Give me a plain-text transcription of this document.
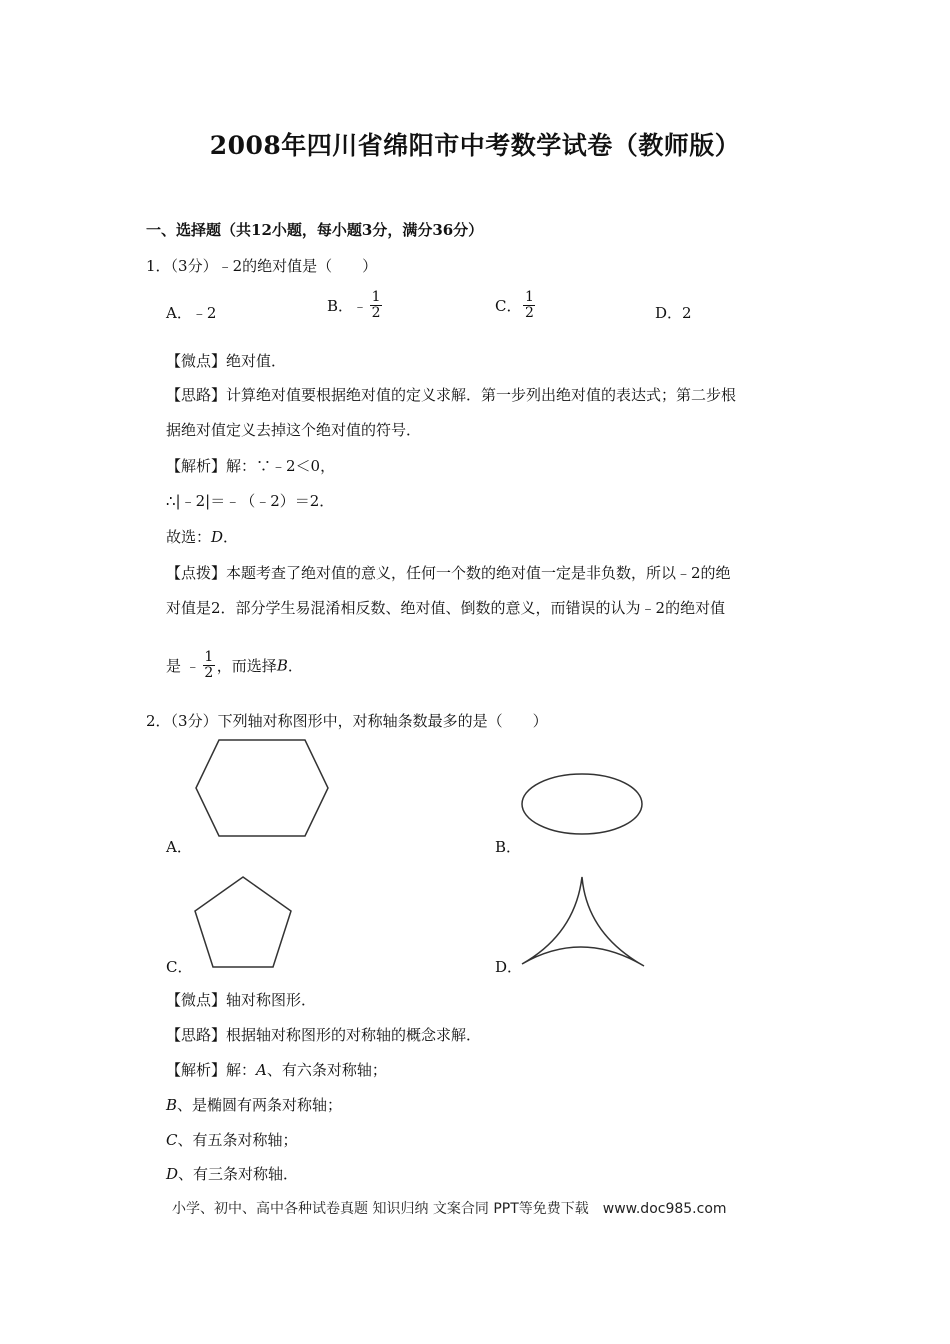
2008年四川省绵阳市中考数学试卷（教师版）
一、选择题（共12小题，每小题3分，满分36分）
1．（3分）﹣2的绝对值是（　　）
A．﹣2	B．﹣ $\frac{1}{2}$	C． $\frac{1}{2}$	D．2
【微点】绝对值．
【思路】计算绝对值要根据绝对值的定义求解．第一步列出绝对值的表达式；第二步根
据绝对值定义去掉这个绝对值的符号．
【解析】解：∵﹣2＜0，
∴|﹣2|＝﹣（﹣2）＝2．
故选：D．
【点拨】本题考查了绝对值的意义，任何一个数的绝对值一定是非负数，所以﹣2的绝
对值是2．部分学生易混淆相反数、绝对值、倒数的意义，而错误的认为﹣2的绝对值
是 ﹣ $\frac{1}{2}$ ，而选择B．
2．（3分）下列轴对称图形中，对称轴条数最多的是（　　）
A．	B．
C．	D．
【微点】轴对称图形．
【思路】根据轴对称图形的对称轴的概念求解．
【解析】解：A、有六条对称轴；
B、是椭圆有两条对称轴；
C、有五条对称轴；
D、有三条对称轴．
小学、初中、高中各种试卷真题 知识归纳 文案合同 PPT等免费下载　www.doc985.com
